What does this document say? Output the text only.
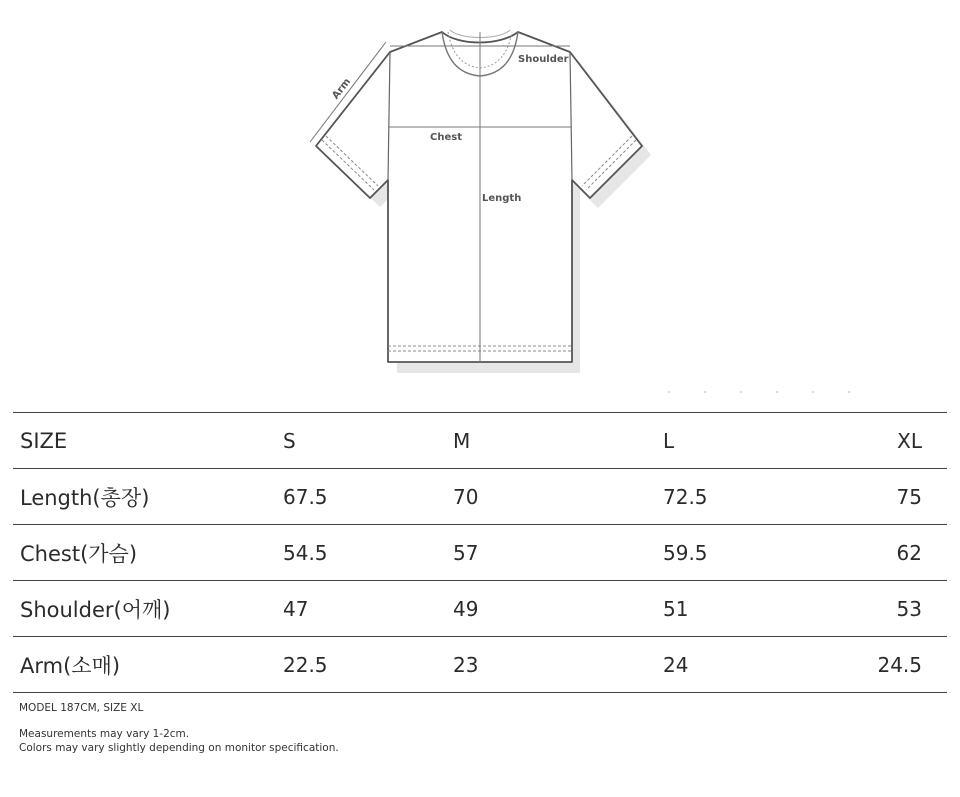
Arm
Shoulder
Chest
Length
SIZE	S	M	L	XL
Length(총장)	67.5	70	72.5	75
Chest(가슴)	54.5	57	59.5	62
Shoulder(어깨)	47	49	51	53
Arm(소매)	22.5	23	24	24.5
MODEL 187CM, SIZE XL
Measurements may vary 1-2cm.
Colors may vary slightly depending on monitor specification.
